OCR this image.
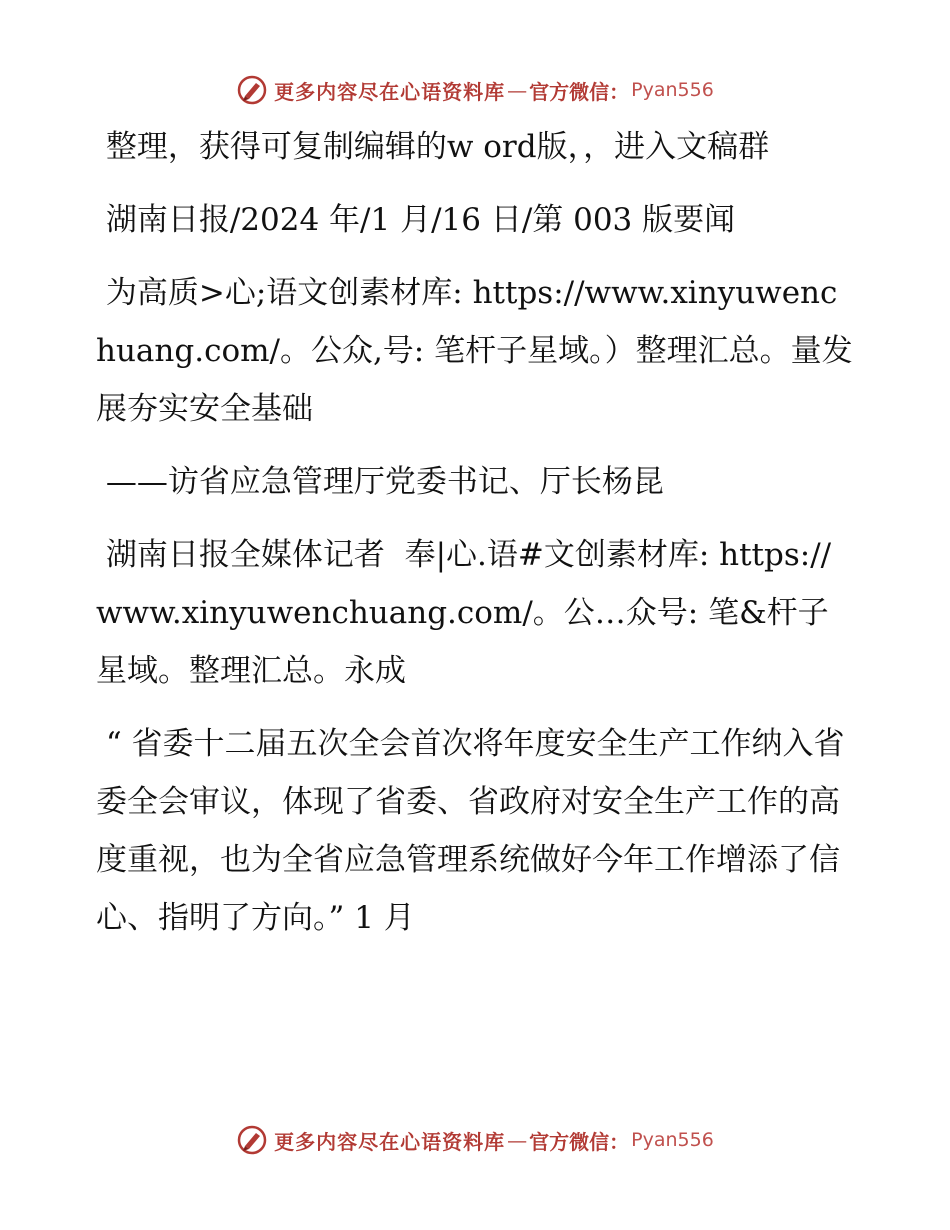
更多内容尽在心语资料库 — 官方微信： Pyan556

整理，获得可复制编辑的w ord版，，进入文稿群

湖南日报/2024 年/1 月/16 日/第 003 版要闻

为高质>心;语文创素材库: https://www.xinyuwenchuang.com/。公众,号: 笔杆子星域。）整理汇总。量发展夯实安全基础

——访省应急管理厅党委书记、厅长杨昆

湖南日报全媒体记者  奉|心.语#文创素材库: https://www.xinyuwenchuang.com/。公…众号: 笔&杆子星域。整理汇总。永成

“ 省委十二届五次全会首次将年度安全生产工作纳入省委全会审议，体现了省委、省政府对安全生产工作的高度重视，也为全省应急管理系统做好今年工作增添了信心、指明了方向。” 1 月

更多内容尽在心语资料库 — 官方微信： Pyan556
